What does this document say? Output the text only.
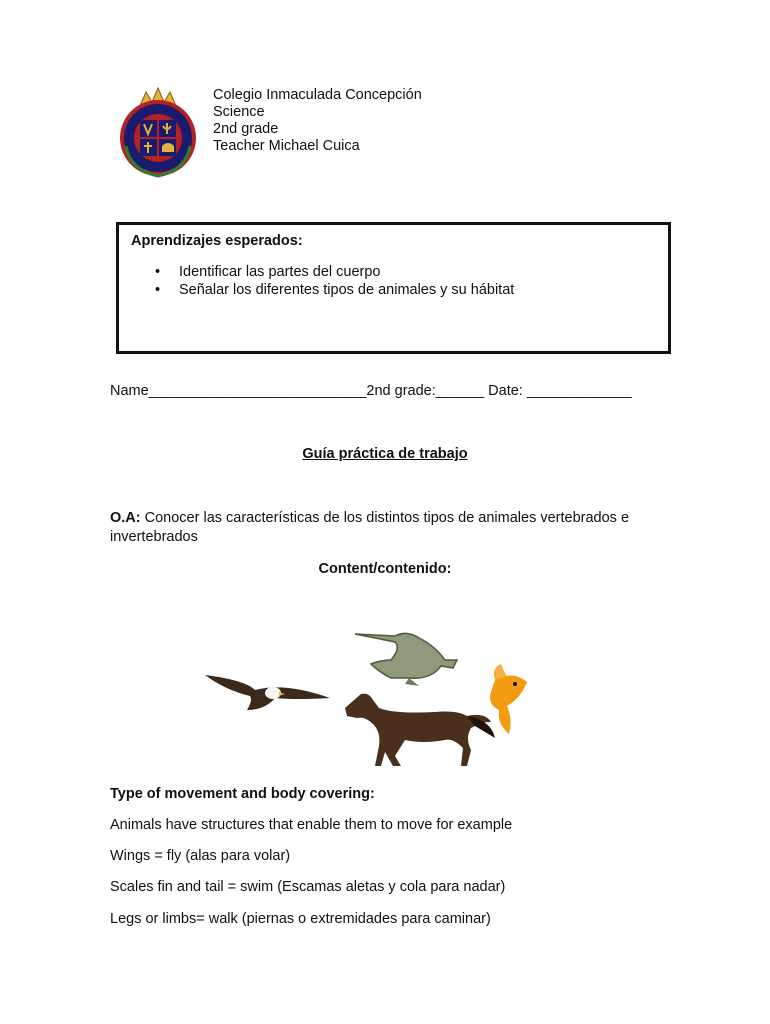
Colegio Inmaculada Concepción
Science
2nd grade
Teacher Michael Cuica
Aprendizajes esperados:
• Identificar las partes del cuerpo
• Señalar los diferentes tipos de animales y su hábitat
Name___________________________2nd grade:______ Date: _____________
Guía práctica de trabajo
O.A: Conocer las características de los distintos tipos de animales vertebrados e invertebrados
Content/contenido:
Type of movement and body covering:
Animals have structures that enable them to move for example
Wings = fly (alas para volar)
Scales fin and tail = swim (Escamas aletas y cola para nadar)
Legs or limbs= walk (piernas o extremidades para caminar)
